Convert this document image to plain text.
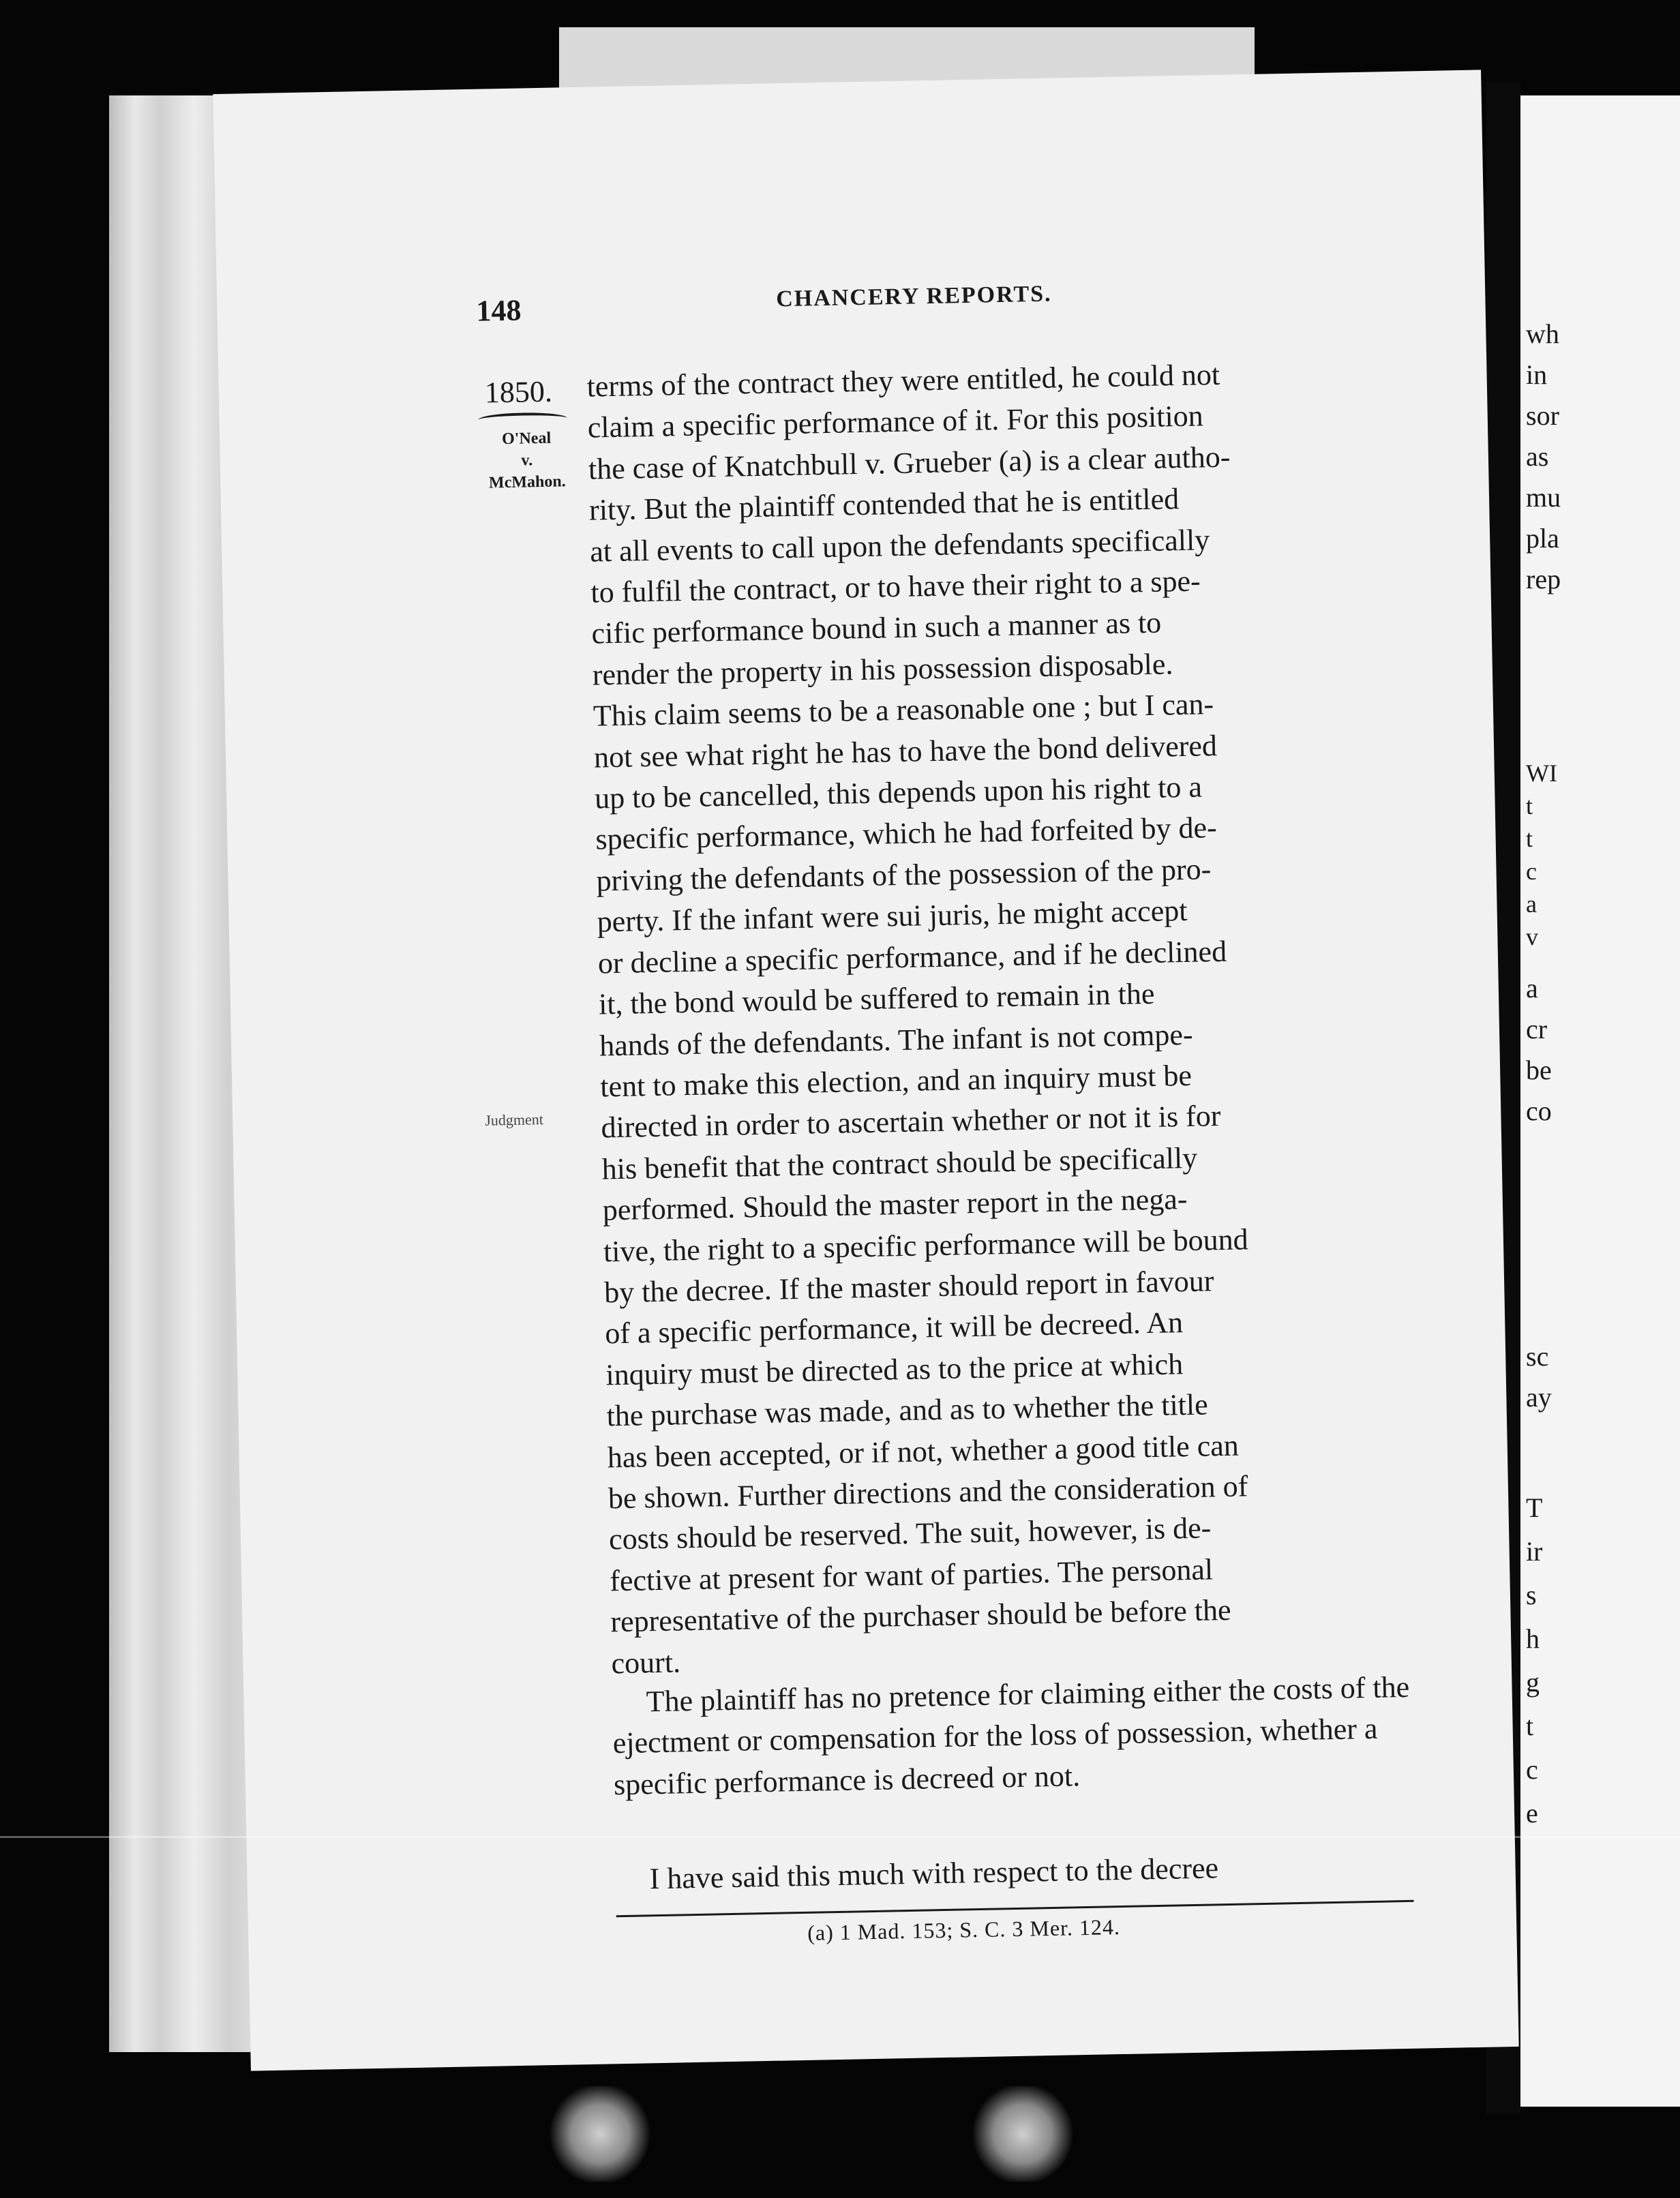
148	CHANCERY REPORTS.
1850.
O'Neal
v.
McMahon.
Judgment
terms of the contract they were entitled, he could not
claim a specific performance of it. For this position
the case of Knatchbull v. Grueber (a) is a clear autho-
rity. But the plaintiff contended that he is entitled
at all events to call upon the defendants specifically
to fulfil the contract, or to have their right to a spe-
cific performance bound in such a manner as to
render the property in his possession disposable.
This claim seems to be a reasonable one ; but I can-
not see what right he has to have the bond delivered
up to be cancelled, this depends upon his right to a
specific performance, which he had forfeited by de-
priving the defendants of the possession of the pro-
perty. If the infant were sui juris, he might accept
or decline a specific performance, and if he declined
it, the bond would be suffered to remain in the
hands of the defendants. The infant is not compe-
tent to make this election, and an inquiry must be
directed in order to ascertain whether or not it is for
his benefit that the contract should be specifically
performed. Should the master report in the nega-
tive, the right to a specific performance will be bound
by the decree. If the master should report in favour
of a specific performance, it will be decreed. An
inquiry must be directed as to the price at which
the purchase was made, and as to whether the title
has been accepted, or if not, whether a good title can
be shown. Further directions and the consideration of
costs should be reserved. The suit, however, is de-
fective at present for want of parties. The personal
representative of the purchaser should be before the
court.
The plaintiff has no pretence for claiming either the costs of the ejectment or compensation for the loss of possession, whether a specific performance is decreed or not.
I have said this much with respect to the decree
(a) 1 Mad. 153; S. C. 3 Mer. 124.
wh
in
sor
as
mu
pla
rep
WI
t
t
c
a
v
a
cr
be
co
sc
ay
T
ir
s
h
g
t
c
e
